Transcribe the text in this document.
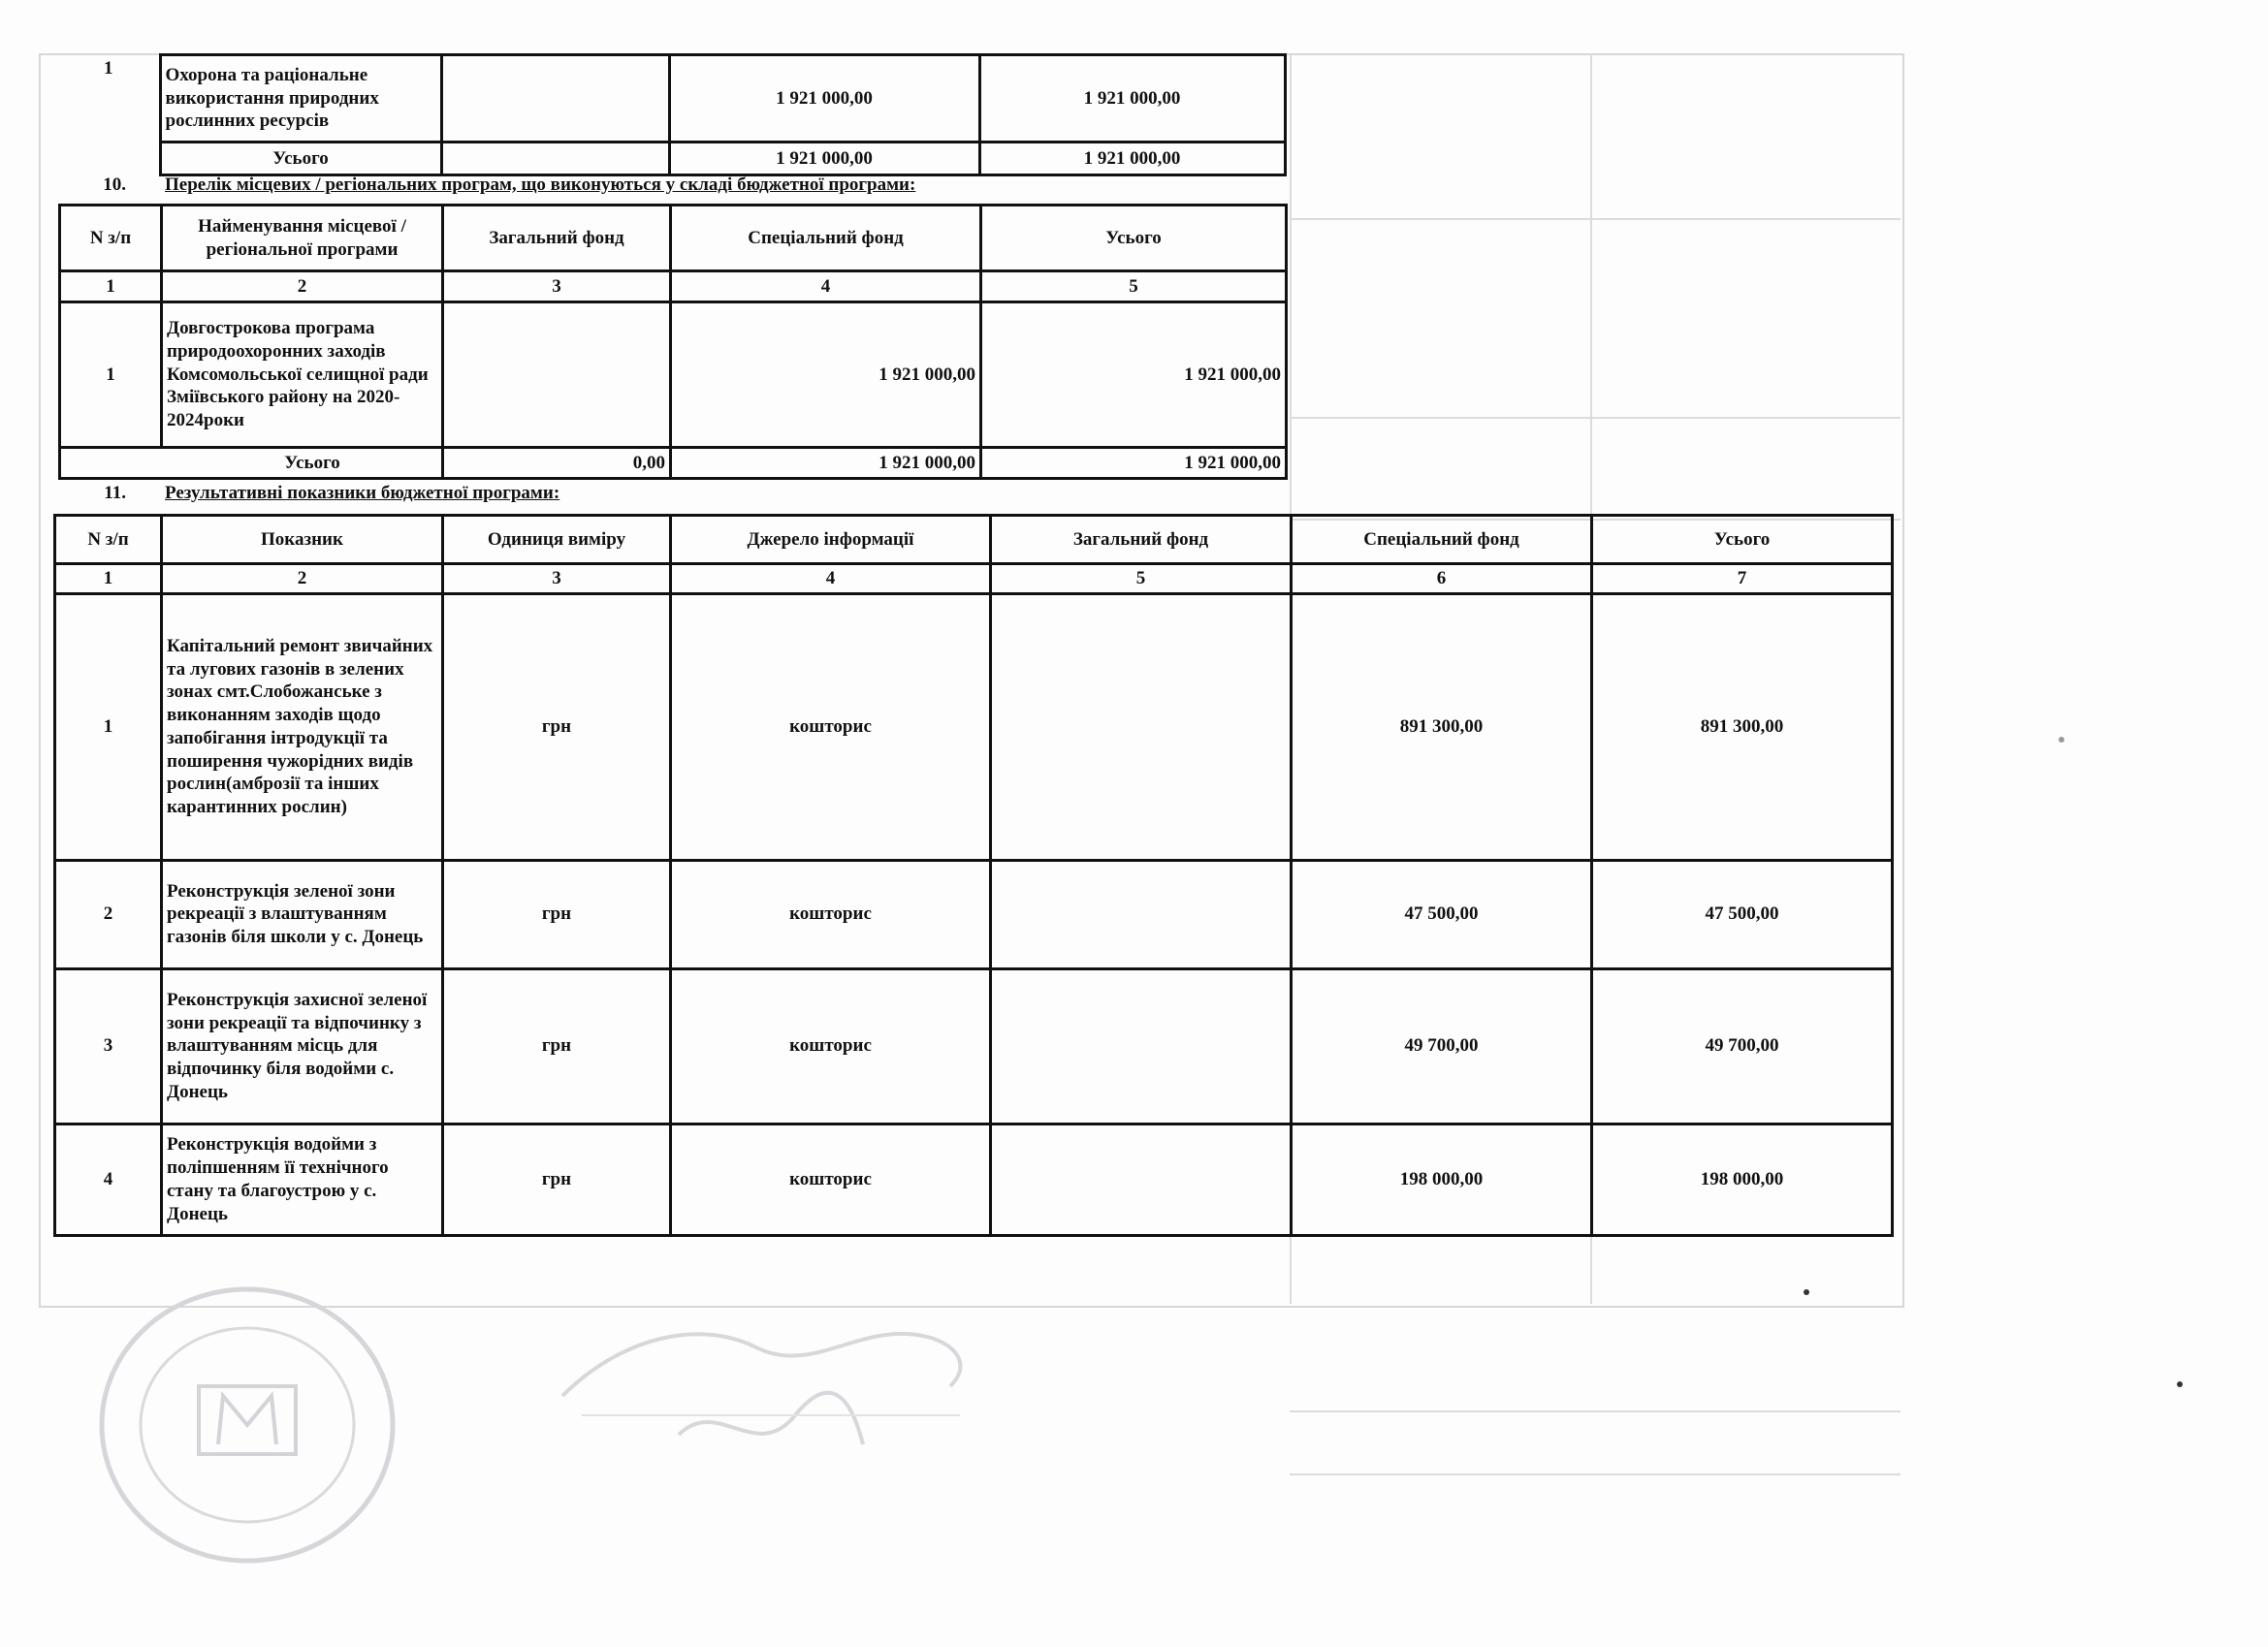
1	Охорона та раціональне використання природних рослинних ресурсів		1 921 000,00	1 921 000,00
	Усього		1 921 000,00	1 921 000,00
10. Перелік місцевих / регіональних програм, що виконуються у складі бюджетної програми:
N з/п	Найменування місцевої / регіональної програми	Загальний фонд	Спеціальний фонд	Усього
1	2	3	4	5
1	Довгострокова програма природоохоронних заходів Комсомольської селищної ради Зміївського району на 2020-2024роки		1 921 000,00	1 921 000,00
Усього		0,00	1 921 000,00	1 921 000,00
11. Результативні показники бюджетної програми:
N з/п	Показник	Одиниця виміру	Джерело інформації	Загальний фонд	Спеціальний фонд	Усього
1	2	3	4	5	6	7
1	Капітальний ремонт звичайних та лугових газонів в зелених зонах смт.Слобожанське з виконанням заходів щодо запобігання інтродукції та поширення чужорідних видів рослин(амброзії та інших карантинних рослин)	грн	кошторис		891 300,00	891 300,00
2	Реконструкція зеленої зони рекреації з влаштуванням газонів біля школи у с. Донець	грн	кошторис		47 500,00	47 500,00
3	Реконструкція захисної зеленої зони рекреації та відпочинку з влаштуванням місць для відпочинку біля водойми с. Донець	грн	кошторис		49 700,00	49 700,00
4	Реконструкція водойми з поліпшенням її технічного стану та благоустрою у с. Донець	грн	кошторис		198 000,00	198 000,00
